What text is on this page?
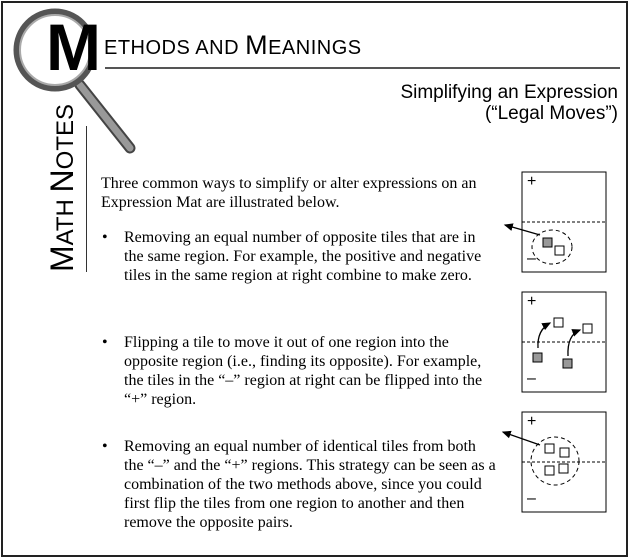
M ETHODS AND MEANINGS
Simplifying an Expression
(“Legal Moves”)
MATH NOTES
Three common ways to simplify or alter expressions on an Expression Mat are illustrated below.
• Removing an equal number of opposite tiles that are in the same region. For example, the positive and negative tiles in the same region at right combine to make zero.
• Flipping a tile to move it out of one region into the opposite region (i.e., finding its opposite). For example, the tiles in the “–” region at right can be flipped into the “+” region.
• Removing an equal number of identical tiles from both the “–” and the “+” regions. This strategy can be seen as a combination of the two methods above, since you could first flip the tiles from one region to another and then remove the opposite pairs.
+
–
+
–
+
–
